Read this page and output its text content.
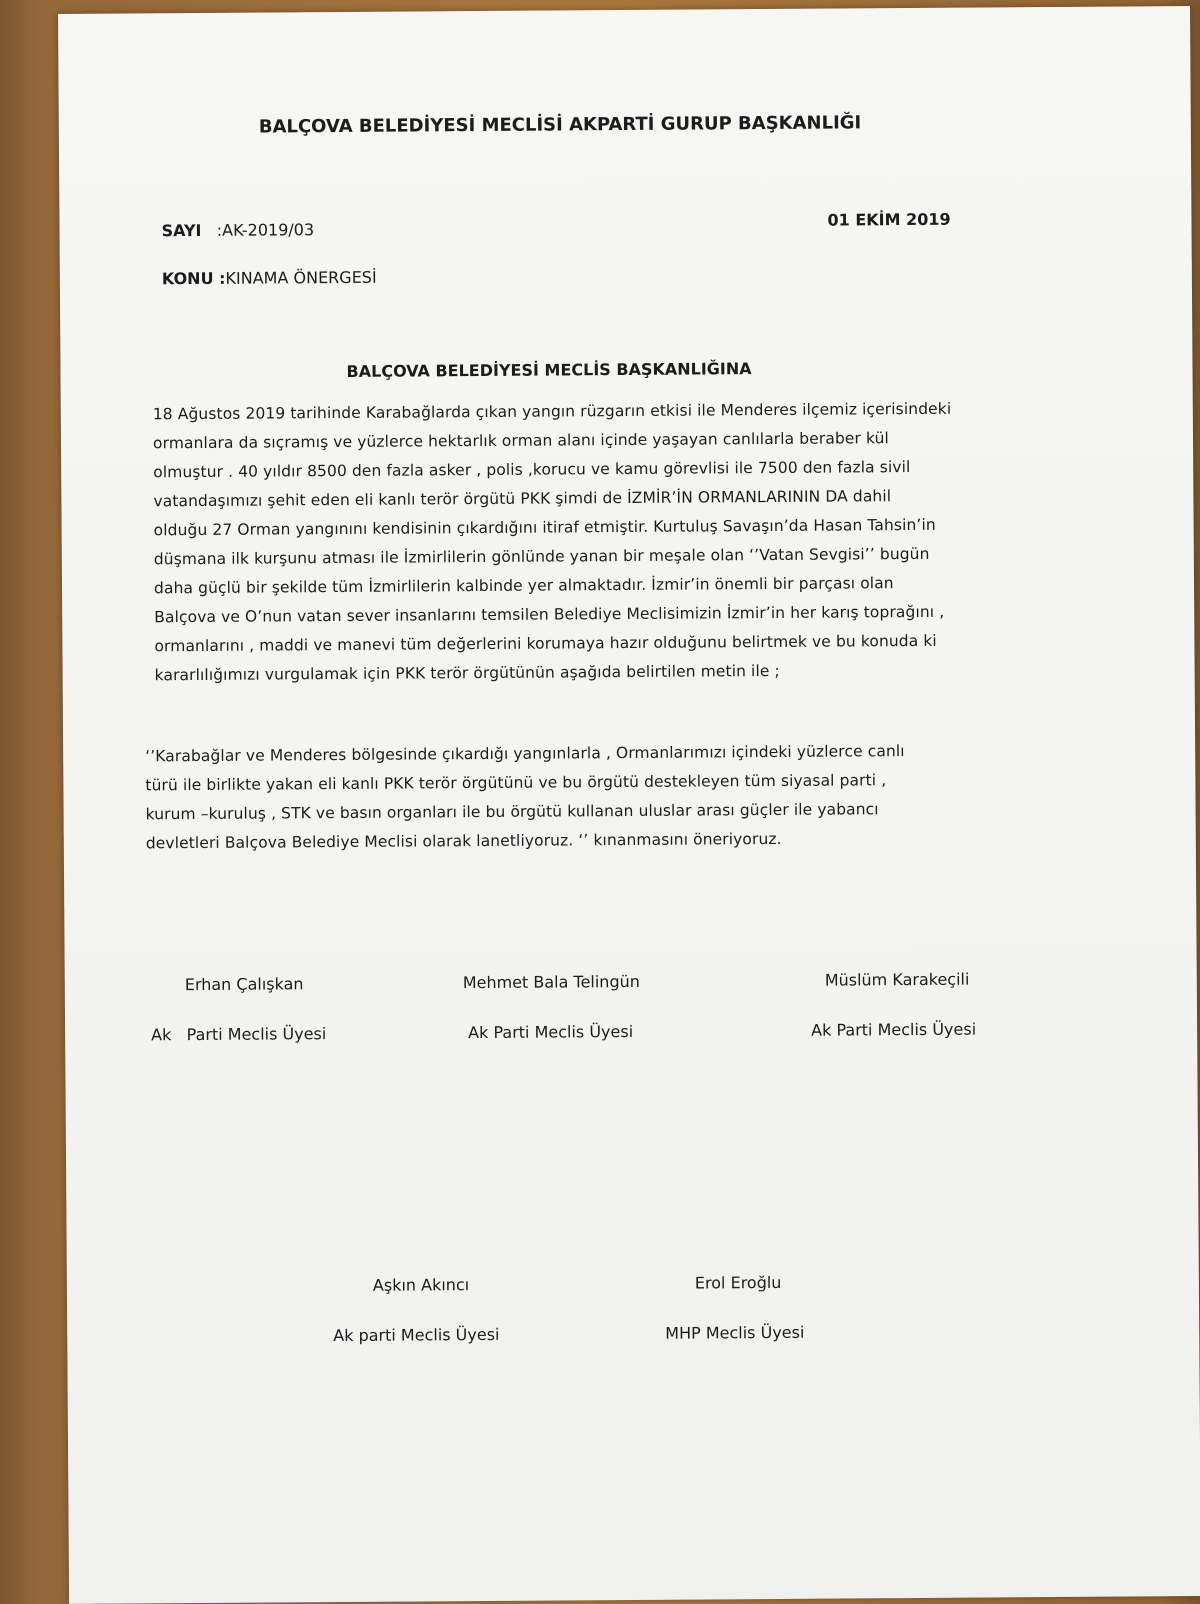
BALÇOVA BELEDİYESİ MECLİSİ AKPARTİ GURUP BAŞKANLIĞI
01 EKİM 2019
SAYI   :AK-2019/03
KONU :KINAMA ÖNERGESİ
BALÇOVA BELEDİYESİ MECLİS BAŞKANLIĞINA
18 Ağustos 2019 tarihinde Karabağlarda çıkan yangın rüzgarın etkisi ile Menderes ilçemiz içerisindeki
ormanlara da sıçramış ve yüzlerce hektarlık orman alanı içinde yaşayan canlılarla beraber kül
olmuştur . 40 yıldır 8500 den fazla asker , polis ,korucu ve kamu görevlisi ile 7500 den fazla sivil
vatandaşımızı şehit eden eli kanlı terör örgütü PKK şimdi de İZMİR’İN ORMANLARININ DA dahil
olduğu 27 Orman yangınını kendisinin çıkardığını itiraf etmiştir. Kurtuluş Savaşın’da Hasan Tahsin’in
düşmana ilk kurşunu atması ile İzmirlilerin gönlünde yanan bir meşale olan ‘’Vatan Sevgisi’’ bugün
daha güçlü bir şekilde tüm İzmirlilerin kalbinde yer almaktadır. İzmir’in önemli bir parçası olan
Balçova ve O’nun vatan sever insanlarını temsilen Belediye Meclisimizin İzmir’in her karış toprağını ,
ormanlarını , maddi ve manevi tüm değerlerini korumaya hazır olduğunu belirtmek ve bu konuda ki
kararlılığımızı vurgulamak için PKK terör örgütünün aşağıda belirtilen metin ile ;
‘’Karabağlar ve Menderes bölgesinde çıkardığı yangınlarla , Ormanlarımızı içindeki yüzlerce canlı
türü ile birlikte yakan eli kanlı PKK terör örgütünü ve bu örgütü destekleyen tüm siyasal parti ,
kurum –kuruluş , STK ve basın organları ile bu örgütü kullanan uluslar arası güçler ile yabancı
devletleri Balçova Belediye Meclisi olarak lanetliyoruz. ‘’ kınanmasını öneriyoruz.
Erhan Çalışkan
Ak   Parti Meclis Üyesi
Mehmet Bala Telingün
Ak Parti Meclis Üyesi
Müslüm Karakeçili
Ak Parti Meclis Üyesi
Aşkın Akıncı
Ak parti Meclis Üyesi
Erol Eroğlu
MHP Meclis Üyesi
